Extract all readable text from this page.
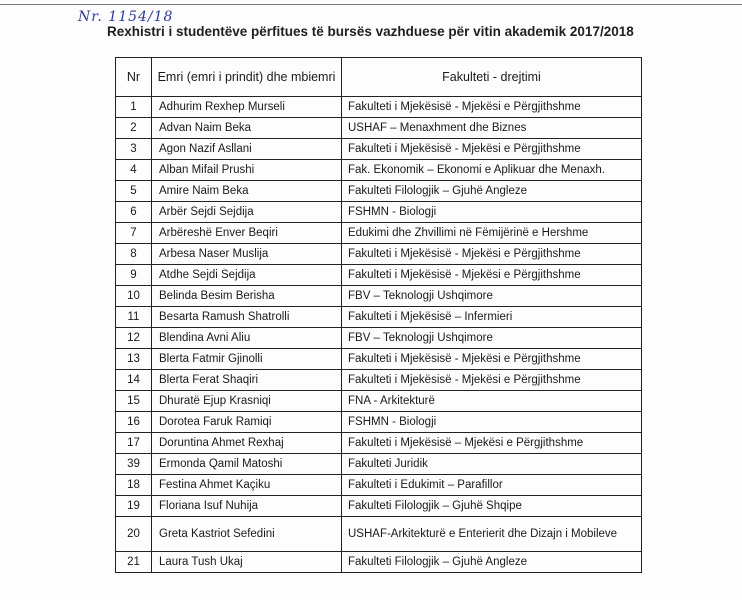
Nr. 1154/18
Rexhistri i studentëve përfitues të bursës vazhduese për vitin akademik 2017/2018
Nr	Emri (emri i prindit) dhe mbiemri	Fakulteti - drejtimi
1	Adhurim Rexhep Murseli	Fakulteti i Mjekësisë - Mjekësi e Përgjithshme
2	Advan Naim Beka	USHAF – Menaxhment dhe Biznes
3	Agon Nazif Asllani	Fakulteti i Mjekësisë - Mjekësi e Përgjithshme
4	Alban Mifail Prushi	Fak. Ekonomik – Ekonomi e Aplikuar dhe Menaxh.
5	Amire Naim Beka	Fakulteti Filologjik – Gjuhë Angleze
6	Arbër Sejdi Sejdija	FSHMN - Biologji
7	Arbëreshë Enver Beqiri	Edukimi dhe Zhvillimi në Fëmijërinë e Hershme
8	Arbesa Naser Muslija	Fakulteti i Mjekësisë - Mjekësi e Përgjithshme
9	Atdhe Sejdi Sejdija	Fakulteti i Mjekësisë - Mjekësi e Përgjithshme
10	Belinda Besim Berisha	FBV – Teknologji Ushqimore
11	Besarta Ramush Shatrolli	Fakulteti i Mjekësisë – Infermieri
12	Blendina Avni Aliu	FBV – Teknologji Ushqimore
13	Blerta Fatmir Gjinolli	Fakulteti i Mjekësisë - Mjekësi e Përgjithshme
14	Blerta Ferat Shaqiri	Fakulteti i Mjekësisë - Mjekësi e Përgjithshme
15	Dhuratë Ejup Krasniqi	FNA - Arkitekturë
16	Dorotea Faruk Ramiqi	FSHMN - Biologji
17	Doruntina Ahmet Rexhaj	Fakulteti i Mjekësisë – Mjekësi e Përgjithshme
39	Ermonda Qamil Matoshi	Fakulteti Juridik
18	Festina Ahmet Kaçiku	Fakulteti i Edukimit – Parafillor
19	Floriana Isuf Nuhija	Fakulteti Filologjik – Gjuhë Shqipe
20	Greta Kastriot Sefedini	USHAF-Arkitekturë e Enterierit dhe Dizajn i Mobileve
21	Laura Tush Ukaj	Fakulteti Filologjik – Gjuhë Angleze
